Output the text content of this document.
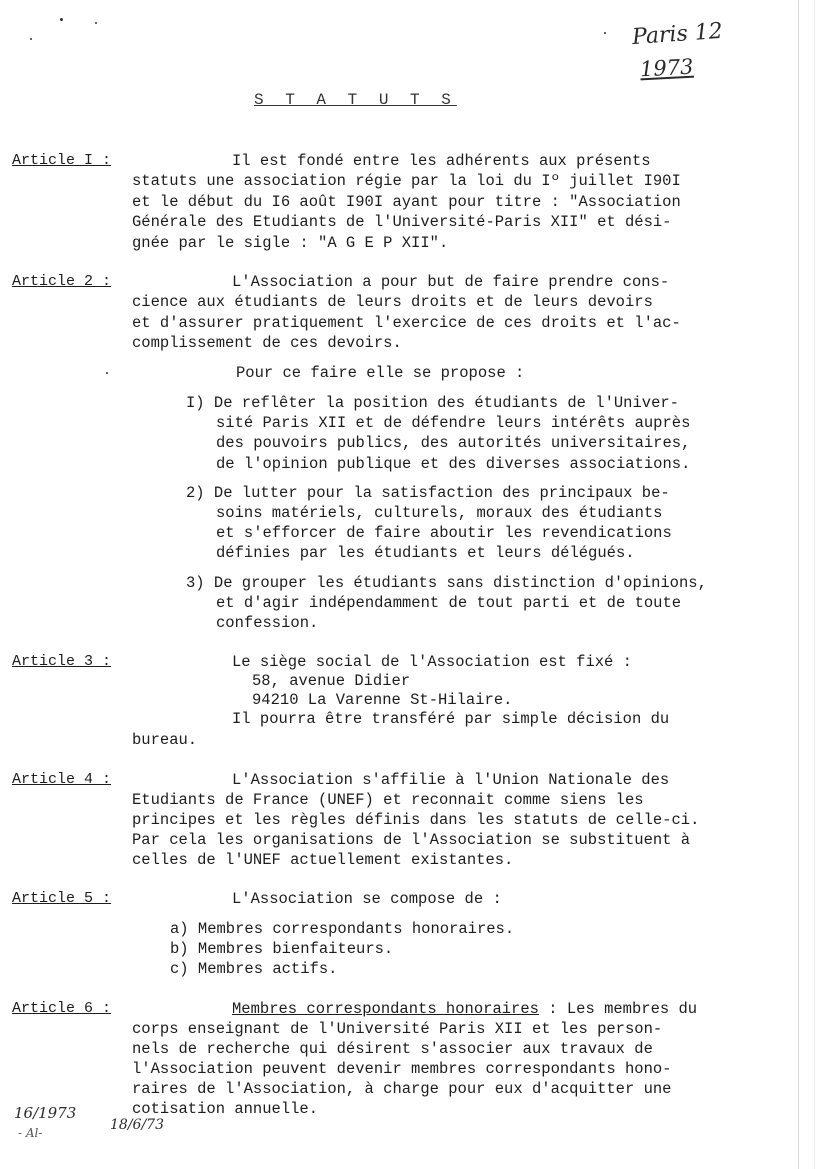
Paris 12
1973
16/1973
- Al-	18/6/73
S T A T U T S
Article I :	Il est fondé entre les adhérents aux présents
statuts une association régie par la loi du Iº juillet I90I
et le début du I6 août I90I ayant pour titre : "Association
Générale des Etudiants de l'Université-Paris XII" et dési-
gnée par le sigle : "A G E P XII".
Article 2 :	L'Association a pour but de faire prendre cons-
cience aux étudiants de leurs droits et de leurs devoirs
et d'assurer pratiquement l'exercice de ces droits et l'ac-
complissement de ces devoirs.
Pour ce faire elle se propose :
I) De reflêter la position des étudiants de l'Univer-
sité Paris XII et de défendre leurs intérêts auprès
des pouvoirs publics, des autorités universitaires,
de l'opinion publique et des diverses associations.
2) De lutter pour la satisfaction des principaux be-
soins matériels, culturels, moraux des étudiants
et s'efforcer de faire aboutir les revendications
définies par les étudiants et leurs délégués.
3) De grouper les étudiants sans distinction d'opinions,
et d'agir indépendamment de tout parti et de toute
confession.
Article 3 :	Le siège social de l'Association est fixé :
58, avenue Didier
94210 La Varenne St-Hilaire.
Il pourra être transféré par simple décision du
bureau.
Article 4 :	L'Association s'affilie à l'Union Nationale des
Etudiants de France (UNEF) et reconnait comme siens les
principes et les règles définis dans les statuts de celle-ci.
Par cela les organisations de l'Association se substituent à
celles de l'UNEF actuellement existantes.
Article 5 :	L'Association se compose de :
a) Membres correspondants honoraires.
b) Membres bienfaiteurs.
c) Membres actifs.
Article 6 :	Membres correspondants honoraires : Les membres du
corps enseignant de l'Université Paris XII et les person-
nels de recherche qui désirent s'associer aux travaux de
l'Association peuvent devenir membres correspondants hono-
raires de l'Association, à charge pour eux d'acquitter une
cotisation annuelle.
